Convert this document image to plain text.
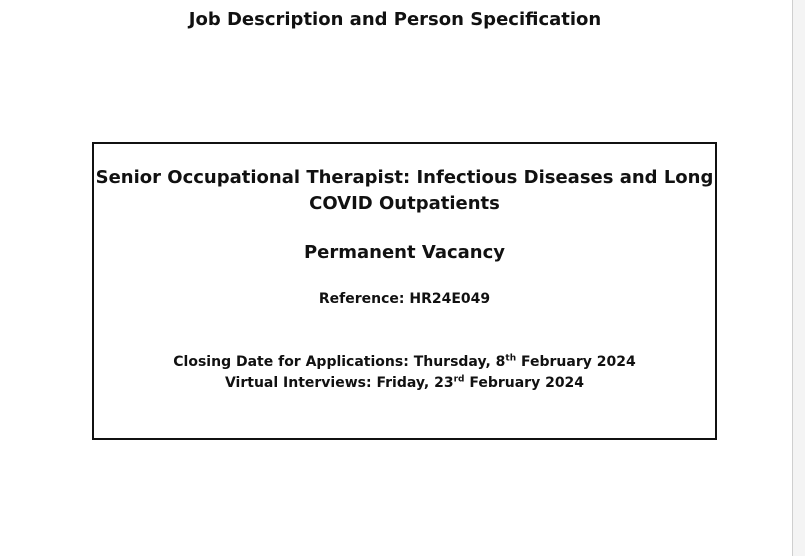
Job Description and Person Specification
Senior Occupational Therapist: Infectious Diseases and Long COVID Outpatients
Permanent Vacancy
Reference: HR24E049
Closing Date for Applications: Thursday, 8th February 2024
Virtual Interviews: Friday, 23rd February 2024
